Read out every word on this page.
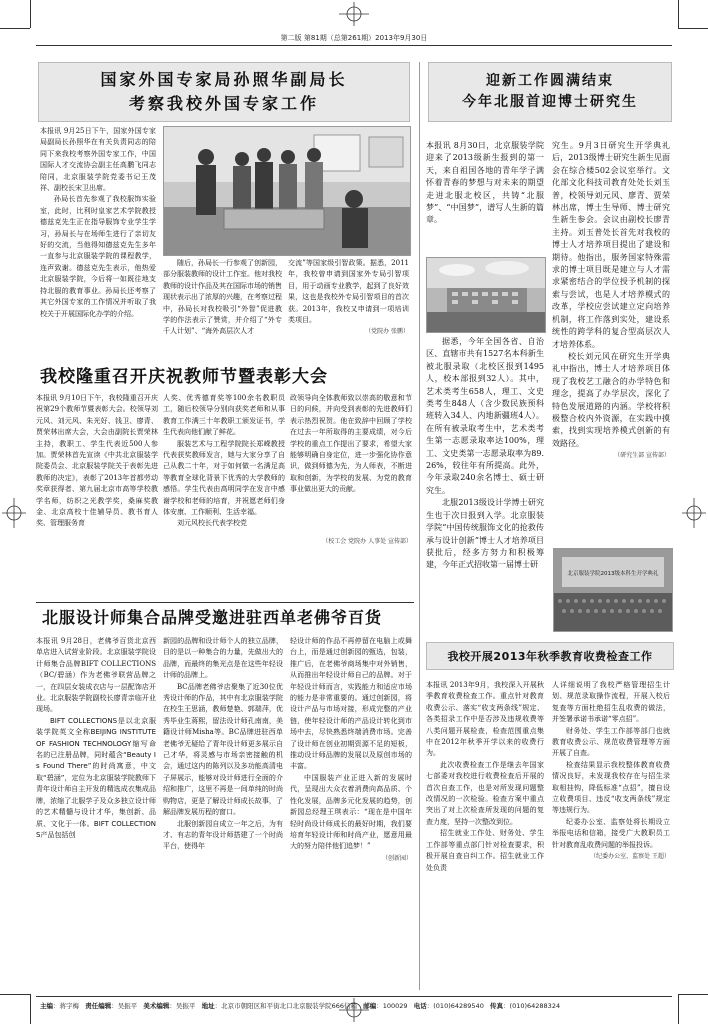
第二版 第81期（总第261期）2013年9月30日
国家外国专家局孙照华副局长
考察我校外国专家工作

本报讯 9月25日下午，国家外国专家局副局长孙照华在有关负责同志的陪同下来我校考察外国专家工作，中国国际人才交流协会副主任高鹏飞同志陪同，北京服装学院党委书记王茂祥、副校长宋卫出席。

孙局长首先参观了我校服饰实验室，此时，比利时皇家艺术学院教授德兹克先生正在指导服饰专业学生学习，孙局长与在场师生进行了亲切友好的交流，当他得知德兹克先生多年一直参与北京服装学院的课程教学，连声致谢。德兹克先生表示，他热爱北京服装学院，今后将一如既往地支持北服的教育事业。孙局长还考察了其它外国专家的工作情况并听取了我校关于开展国际化办学的介绍。

随后，孙局长一行参观了创新园，部分服装教师的设计工作室。他对我校教师的设计作品及其在国际市场的销售现状表示出了浓厚的兴趣，在考察过程中，孙局长对我校吸引“外智”促进教学的作法表示了赞赏，并介绍了“外专千人计划”、“海外高层次人才

交流”等国家级引智政策。据悉，2011年，我校曾申请到国家外专局引智项目，用于动画专业教学，起到了良好效果，这也是我校外专局引智项目的首次获。2013年，我校又申请到一项培训类项目。

（党院办 张鹏）

我校隆重召开庆祝教师节暨表彰大会

本报讯 9月10日下午，我校隆重召开庆祝第29个教师节暨表彰大会。校领导刘元风、刘元风、朱光好、钱卫、廖青、贾荣林出席大会，大会由副院长贾荣林主持，教职工、学生代表近500人参加。贾荣林首先宣读《中共北京服装学院委员会、北京服装学院关于表彰先进教师的决定》，表彰了2013年首都劳动奖章获得者、第九届北京市高等学校教学名师，纺织之光教学奖，桑麻奖教金、北京高校十佳辅导员、教书育人奖、管理服务育

人奖、优秀德育奖等100余名教职员工，随后校领导分别向获奖老师和从事教育工作满三十年教职工颁发证书，学生代表向他们献了鲜花。

服装艺术与工程学院院长郑嵘教授代表获奖教师发言，她与大家分享了自己从教二十年，对于如何做一名满足高等教育全球化背景下优秀的大学教师的感悟。学生代表由高明同学在发言中感谢学校和老师的培育，并祝愿老师们身体安康、工作顺利、生活幸福。

刘元风校长代表学校党

政领导向全体教师致以崇高的敬意和节日的问候，并向受到表彰的先进教师们表示热烈祝贺。他在致辞中回顾了学校在过去一年所取得的主要成绩，对今后学校的重点工作提出了要求，希望大家能够明确自身定位，进一步强化协作意识，做到师德为先，为人师表，不断进取和创新，为学校的发展、为党的教育事业做出更大的贡献。

（校工会 党院办 人事处 宣传部）

北服设计师集合品牌受邀进驻西单老佛爷百货

本报讯 9月28日，老佛爷百货北京西单店进入试营业阶段。北京服装学院设计师集合品牌BIFT COLLECTIONS（BC/碧涵）作为老佛爷联营品牌之一，在四层女装成衣店与一层配饰店开业。北京服装学院副校长廖青亲临开业现场。

BIFT COLLECTIONS是以北京服装学院英文全称BEIJING INSTITUTE OF FASHION TECHNOLOGY缩写命名的已注册品牌，同时蕴含“Beauty Is Found There”的时尚寓意，中文取“碧涵”，定位为北京服装学院教师下青年设计师自主开发的精选成衣集成品牌，浓缩了北服学子及众多独立设计师的艺术精髓与设计才华，集创新、品质、文化于一体。BIFT COLLECTIONS产品包括创

新园的品牌和设计师个人的独立品牌，目的是以一种集合的力量，先做出大的品牌，而最终的集光点是在这些年轻设计师的品牌上。

BC品牌老佛爷店聚集了近30位优秀设计师的作品，其中有北京服装学院在校生王思涵，教师楚艳、郭瑞萍，优秀毕业生蒋熙，留法设计师孔南南，美籍设计师Misha等。BC品牌进驻西单老佛爷无疑给了青年设计师更多展示自己才华，将灵感与市场亲密接触的机会，通过这内的陈列以及多功能高清电子屏展示，能够对设计师进行全面的介绍和推广，这里不再是一间单纯的时尚购物店，更是了解设计师成长故事，了解品牌发展历程的窗口。

北服创新园自成立一年之后，为有才、有志的青年设计师搭建了一个时尚平台，使得年

轻设计师的作品不再停留在电脑上或舞台上，而是通过创新园的甄选，包装，推广后，在老佛爷商场集中对外销售，从而推出年轻设计师自己的品牌。对于年轻设计师而言，实践能力和适应市场的能力是非常重要的。通过创新园，将设计产品与市场对接，形成完整的产业链，使年轻设计师的产品设计转化到市场中去，尽快熟悉终端消费市场。完善了设计师在创业初期资源不足的短板，推动设计师品牌的发展以及原创市场的丰富。

中国服装产业正进入新的发展时代，呈现出大众衣着消费向高品质、个性化发展，品牌多元化发展的趋势，创新园总经理王琪表示：“现在是中国年轻时尚设计师成长的最好时期，我们要培育年轻设计师和时尚产业，愿意用最大的努力陪伴他们追梦！”

（创新园）

迎新工作圆满结束
今年北服首迎博士研究生

本报讯 8月30日，北京服装学院迎来了2013级新生报到的第一天，来自祖国各地的青年学子满怀着青春的梦想与对未来的期望走进北服北校区，共铸“北服梦”、“中国梦”，谱写人生新的篇章。

据悉，今年全国各省、自治区、直辖市共有1527名本科新生被北服录取（北校区报到1495人，校本部报到32人）。其中，艺术类考生658人，理工、文史类考生848人（含少数民族预科班转入34人、内地新疆班4人）。在所有被录取考生中，艺术类考生第一志愿录取率达100%，理工、文史类第一志愿录取率为89.26%，较往年有所提高。此外，今年录取240余名博士、硕士研究生。

北服2013级设计学博士研究生也于次日报到入学。北京服装学院“中国传统服饰文化的抢救传承与设计创新”博士人才培养项目获批后，经多方努力和积极筹建，今年正式招收第一届博士研

究生。9月3日研究生开学典礼后，2013级博士研究生新生见面会在综合楼502会议室举行。文化部文化科技司教育处处长刘玉普，校领导刘元风、廖青、贾荣林出席，博士生导师、博士研究生新生参会。会议由副校长廖青主持。刘玉普处长首先对我校的博士人才培养项目提出了建设和期待。他指出，服务国家特殊需求的博士项目既是建立与人才需求紧密结合的学位授予机制的探索与尝试，也是人才培养模式的改革，学校应尝试建立定向培养机制，将工作落到实处，建设系统性的跨学科的复合型高层次人才培养体系。

校长刘元风在研究生开学典礼中指出，博士人才培养项目体现了我校艺工融合的办学特色和理念，提高了办学层次，深化了特色发展道路的内涵。学校将积极整合校内外资源，在实践中摸索，找到实现培养模式创新的有效路径。

（研究生部 宣传部）

北京服装学院2013级本科生开学典礼
我校开展2013年秋季教育收费检查工作

本报讯 2013年9月，我校深入开展秋季教育收费检查工作。重点针对教育收费公示、落实“收支两条线”规定、各类招录工作中是否涉及违规收费等八类问题开展检查，检查范围重点集中在2012年秋季开学以来的收费行为。

此次收费检查工作是继去年国家七部委对我校进行收费检查后开展的首次自查工作，也是对所发现问题整改情况的一次检验。检查方案中重点突出了对上次检查所发现的问题的复查力度，坚持一次整改到位。

招生就业工作处、财务处、学生工作部等重点部门针对检查要求，积极开展自查自纠工作。招生就业工作处负责

人详细说明了我校严格管理招生计划、规范录取操作流程，开展入校后复查等方面杜绝招生乱收费的做法，并签署承诺书承诺“零点招”。

财务处、学生工作部等部门也就教育收费公示、规范收费管理等方面开展了自查。

检查结果显示我校整体教育收费情况良好，未发现我校存在与招生录取相挂钩，降低标准“点招”，擅自设立收费项目、违反“收支两条线”规定等违规行为。

纪委办公室、监察处将长期设立举报电话和信箱，接受广大教职员工针对教育乱收费问题的举报投诉。

（纪委办公室，监察处 王超）

主编：蒋宇梅 责任编辑：吴振平 美术编辑：吴振平 地址：北京市朝阳区和平街北口北京服装学院666信箱 邮编：100029 电话：(010)64289540 传真：(010)64288324
